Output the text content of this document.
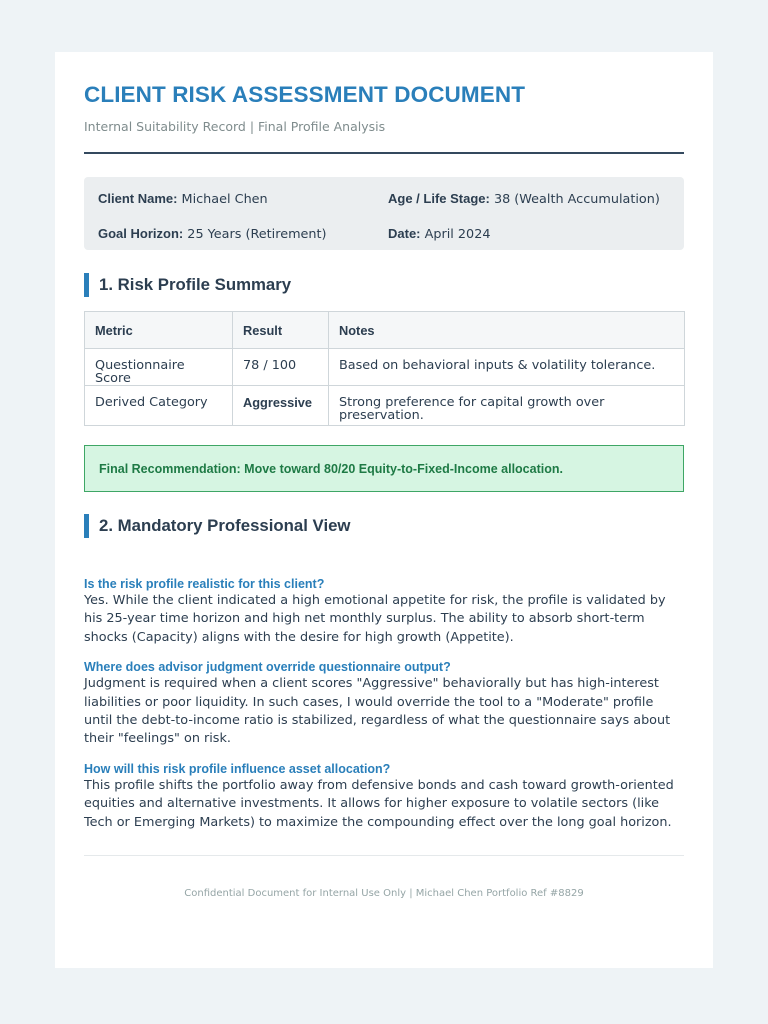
CLIENT RISK ASSESSMENT DOCUMENT
Internal Suitability Record | Final Profile Analysis
Client Name: Michael Chen	Age / Life Stage: 38 (Wealth Accumulation)
Goal Horizon: 25 Years (Retirement)	Date: April 2024
1. Risk Profile Summary
Metric	Result	Notes
Questionnaire Score	78 / 100	Based on behavioral inputs & volatility tolerance.
Derived Category	Aggressive	Strong preference for capital growth over preservation.
Final Recommendation: Move toward 80/20 Equity-to-Fixed-Income allocation.
2. Mandatory Professional View
Is the risk profile realistic for this client?
Yes. While the client indicated a high emotional appetite for risk, the profile is validated by his 25-year time horizon and high net monthly surplus. The ability to absorb short-term shocks (Capacity) aligns with the desire for high growth (Appetite).
Where does advisor judgment override questionnaire output?
Judgment is required when a client scores "Aggressive" behaviorally but has high-interest liabilities or poor liquidity. In such cases, I would override the tool to a "Moderate" profile until the debt-to-income ratio is stabilized, regardless of what the questionnaire says about their "feelings" on risk.
How will this risk profile influence asset allocation?
This profile shifts the portfolio away from defensive bonds and cash toward growth-oriented equities and alternative investments. It allows for higher exposure to volatile sectors (like Tech or Emerging Markets) to maximize the compounding effect over the long goal horizon.
Confidential Document for Internal Use Only | Michael Chen Portfolio Ref #8829
